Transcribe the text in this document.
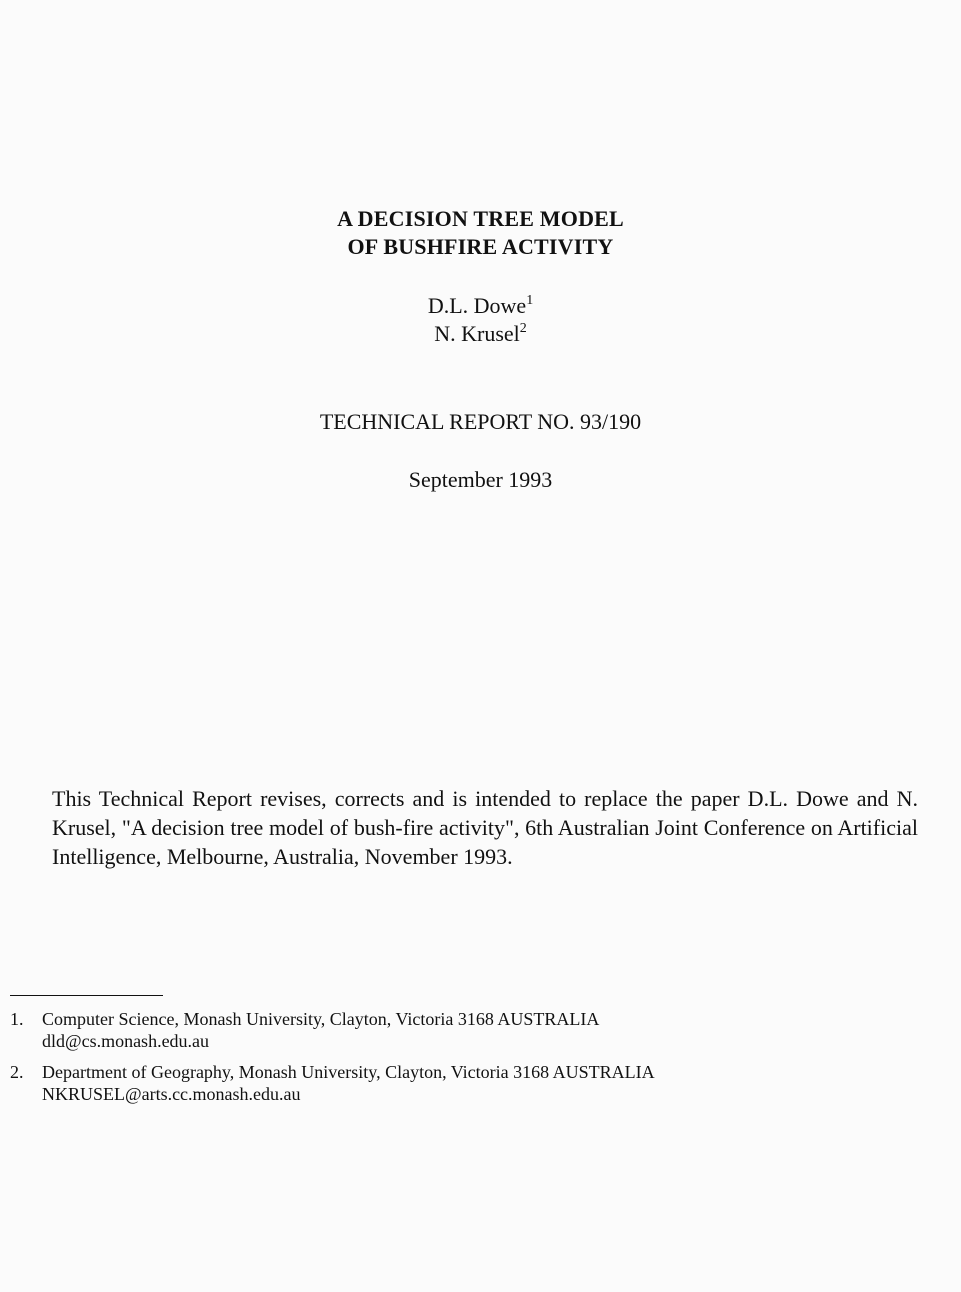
A DECISION TREE MODEL
OF BUSHFIRE ACTIVITY
D.L. Dowe$^1$
N. Krusel$^2$
TECHNICAL REPORT NO. 93/190
September 1993
This Technical Report revises, corrects and is intended to replace the paper D.L. Dowe and N. Krusel, "A decision tree model of bush-fire activity", 6th Australian Joint Conference on Artificial Intelligence, Melbourne, Australia, November 1993.
1.	Computer Science, Monash University, Clayton, Victoria 3168 AUSTRALIA
dld@cs.monash.edu.au
2.	Department of Geography, Monash University, Clayton, Victoria 3168 AUSTRALIA
NKRUSEL@arts.cc.monash.edu.au
